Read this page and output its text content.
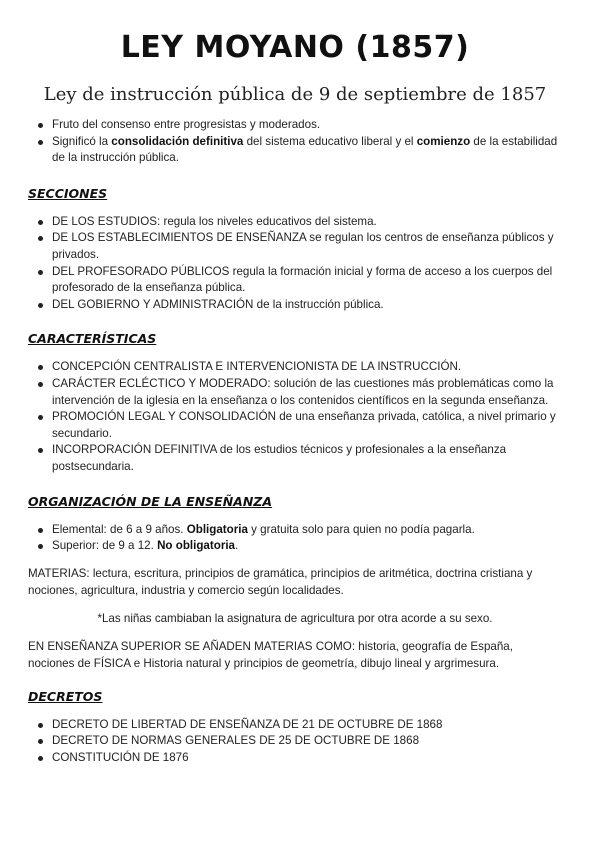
LEY MOYANO (1857)
Ley de instrucción pública de 9 de septiembre de 1857
Fruto del consenso entre progresistas y moderados.
Significó la consolidación definitiva del sistema educativo liberal y el comienzo de la estabilidad de la instrucción pública.
SECCIONES
DE LOS ESTUDIOS: regula los niveles educativos del sistema.
DE LOS ESTABLECIMIENTOS DE ENSEÑANZA se regulan los centros de enseñanza públicos y privados.
DEL PROFESORADO PÚBLICOS regula la formación inicial y forma de acceso a los cuerpos del profesorado de la enseñanza pública.
DEL GOBIERNO Y ADMINISTRACIÓN de la instrucción pública.
CARACTERÍSTICAS
CONCEPCIÓN CENTRALISTA E INTERVENCIONISTA DE LA INSTRUCCIÓN.
CARÁCTER ECLÉCTICO Y MODERADO: solución de las cuestiones más problemáticas como la intervención de la iglesia en la enseñanza o los contenidos científicos en la segunda enseñanza.
PROMOCIÓN LEGAL Y CONSOLIDACIÓN de una enseñanza privada, católica, a nivel primario y secundario.
INCORPORACIÓN DEFINITIVA de los estudios técnicos y profesionales a la enseñanza postsecundaria.
ORGANIZACIÓN DE LA ENSEÑANZA
Elemental: de 6 a 9 años. Obligatoria y gratuita solo para quien no podía pagarla.
Superior: de 9 a 12. No obligatoria.

MATERIAS: lectura, escritura, principios de gramática, principios de aritmética, doctrina cristiana y nociones, agricultura, industria y comercio según localidades.

*Las niñas cambiaban la asignatura de agricultura por otra acorde a su sexo.

EN ENSEÑANZA SUPERIOR SE AÑADEN MATERIAS COMO: historia, geografía de España, nociones de FÍSICA e Historia natural y principios de geometría, dibujo lineal y argrimesura.

DECRETOS
DECRETO DE LIBERTAD DE ENSEÑANZA DE 21 DE OCTUBRE DE 1868
DECRETO DE NORMAS GENERALES DE 25 DE OCTUBRE DE 1868
CONSTITUCIÓN DE 1876
